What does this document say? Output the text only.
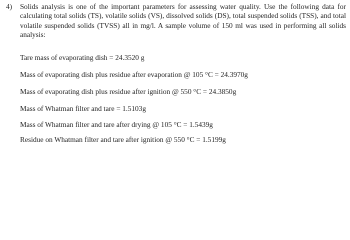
4) Solids analysis is one of the important parameters for assessing water quality. Use the following data for calculating total solids (TS), volatile solids (VS), dissolved solids (DS), total suspended solids (TSS), and total volatile suspended solids (TVSS) all in mg/l. A sample volume of 150 ml was used in performing all solids analysis:
Tare mass of evaporating dish = 24.3520 g
Mass of evaporating dish plus residue after evaporation @ 105 °C = 24.3970g
Mass of evaporating dish plus residue after ignition @ 550 °C = 24.3850g
Mass of Whatman filter and tare = 1.5103g
Mass of Whatman filter and tare after drying @ 105 °C = 1.5439g
Residue on Whatman filter and tare after ignition @ 550 °C = 1.5199g
